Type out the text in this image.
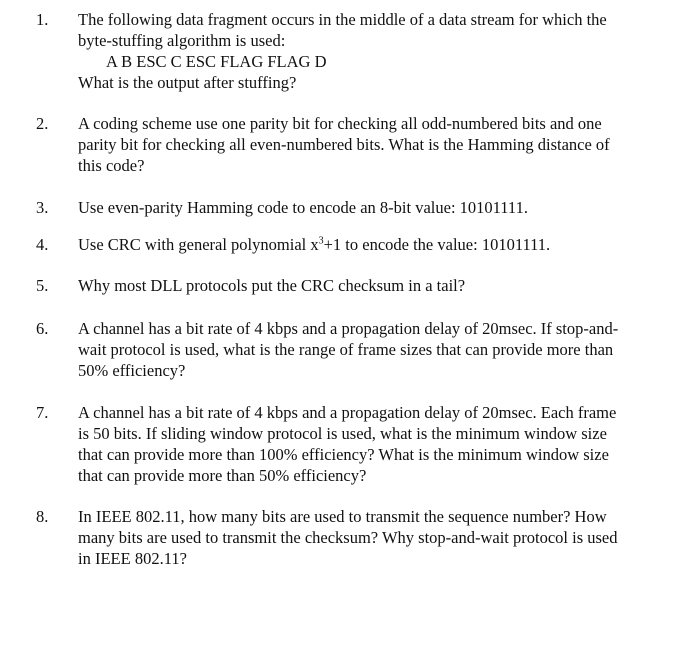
1.	The following data fragment occurs in the middle of a data stream for which the
byte-stuffing algorithm is used:
A B ESC C ESC FLAG FLAG D
What is the output after stuffing?
2.	A coding scheme use one parity bit for checking all odd-numbered bits and one
parity bit for checking all even-numbered bits. What is the Hamming distance of
this code?
3.	Use even-parity Hamming code to encode an 8-bit value: 10101111.
4.	Use CRC with general polynomial $x^3+1$ to encode the value: 10101111.
5.	Why most DLL protocols put the CRC checksum in a tail?
6.	A channel has a bit rate of 4 kbps and a propagation delay of 20msec. If stop-and-
wait protocol is used, what is the range of frame sizes that can provide more than
50% efficiency?
7.	A channel has a bit rate of 4 kbps and a propagation delay of 20msec. Each frame
is 50 bits. If sliding window protocol is used, what is the minimum window size
that can provide more than 100% efficiency? What is the minimum window size
that can provide more than 50% efficiency?
8.	In IEEE 802.11, how many bits are used to transmit the sequence number? How
many bits are used to transmit the checksum? Why stop-and-wait protocol is used
in IEEE 802.11?
